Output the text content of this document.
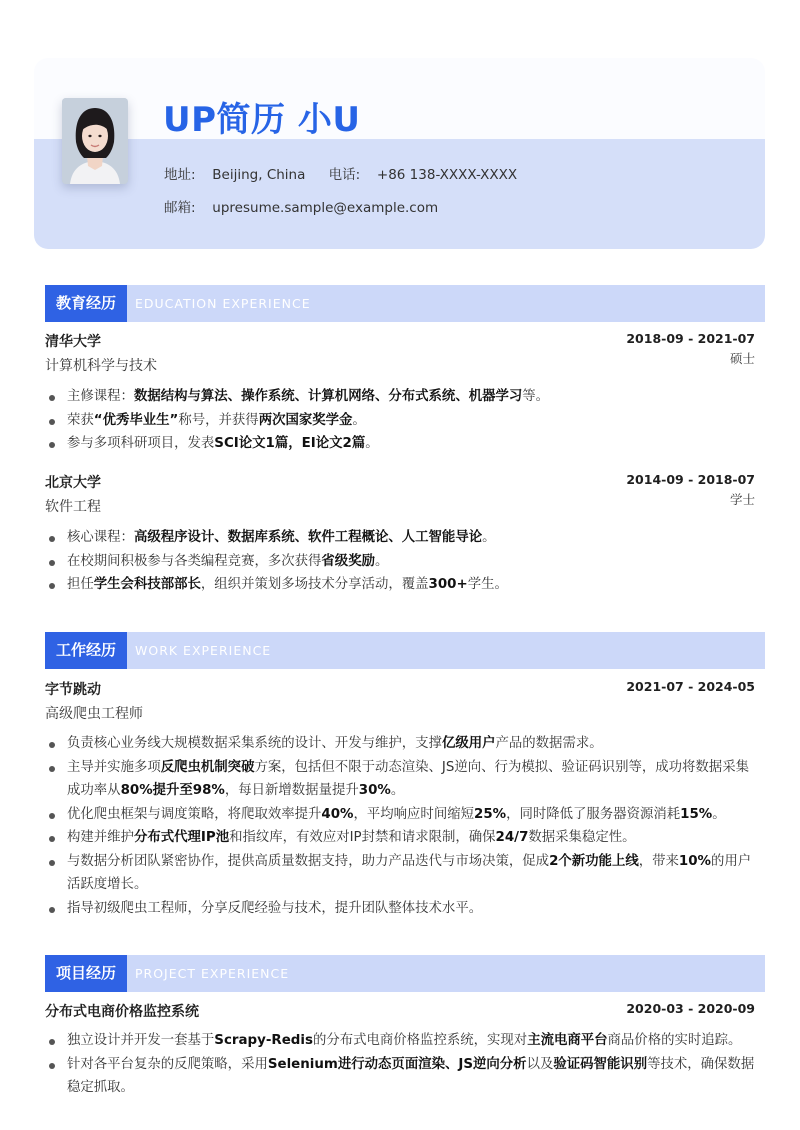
UP简历 小U
地址: Beijing, China 电话: +86 138-XXXX-XXXX
邮箱: upresume.sample@example.com
教育经历	EDUCATION EXPERIENCE
清华大学	2018-09 - 2021-07
计算机科学与技术	硕士
主修课程：数据结构与算法、操作系统、计算机网络、分布式系统、机器学习等。
荣获“优秀毕业生”称号，并获得两次国家奖学金。
参与多项科研项目，发表SCI论文1篇，EI论文2篇。
北京大学	2014-09 - 2018-07
软件工程	学士
核心课程：高级程序设计、数据库系统、软件工程概论、人工智能导论。
在校期间积极参与各类编程竞赛，多次获得省级奖励。
担任学生会科技部部长，组织并策划多场技术分享活动，覆盖300+学生。
工作经历	WORK EXPERIENCE
字节跳动	2021-07 - 2024-05
高级爬虫工程师
负责核心业务线大规模数据采集系统的设计、开发与维护，支撑亿级用户产品的数据需求。
主导并实施多项反爬虫机制突破方案，包括但不限于动态渲染、JS逆向、行为模拟、验证码识别等，成功将数据采集成功率从80%提升至98%，每日新增数据量提升30%。
优化爬虫框架与调度策略，将爬取效率提升40%，平均响应时间缩短25%，同时降低了服务器资源消耗15%。
构建并维护分布式代理IP池和指纹库，有效应对IP封禁和请求限制，确保24/7数据采集稳定性。
与数据分析团队紧密协作，提供高质量数据支持，助力产品迭代与市场决策，促成2个新功能上线，带来10%的用户活跃度增长。
指导初级爬虫工程师，分享反爬经验与技术，提升团队整体技术水平。
项目经历	PROJECT EXPERIENCE
分布式电商价格监控系统	2020-03 - 2020-09
独立设计并开发一套基于Scrapy-Redis的分布式电商价格监控系统，实现对主流电商平台商品价格的实时追踪。
针对各平台复杂的反爬策略，采用Selenium进行动态页面渲染、JS逆向分析以及验证码智能识别等技术，确保数据稳定抓取。
